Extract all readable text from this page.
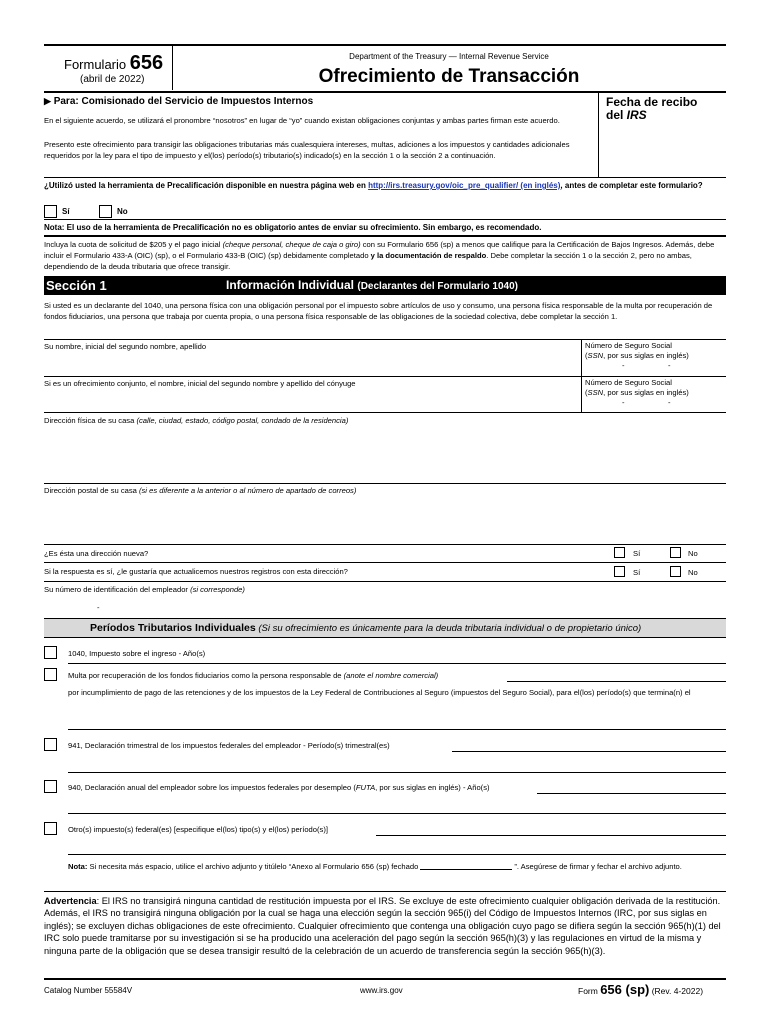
Formulario 656
(abril de 2022)
Department of the Treasury — Internal Revenue Service
Ofrecimiento de Transacción
▶ Para: Comisionado del Servicio de Impuestos Internos	Fecha de recibo
del IRS
En el siguiente acuerdo, se utilizará el pronombre “nosotros” en lugar de “yo” cuando existan obligaciones conjuntas y ambas partes firman este acuerdo.
Presento este ofrecimiento para transigir las obligaciones tributarias más cualesquiera intereses, multas, adiciones a los impuestos y cantidades adicionales requeridos por la ley para el tipo de impuesto y el(los) período(s) tributario(s) indicado(s) en la sección 1 o la sección 2 a continuación.
¿Utilizó usted la herramienta de Precalificación disponible en nuestra página web en http://irs.treasury.gov/oic_pre_qualifier/ (en inglés), antes de completar este formulario?
Sí	No
Nota: El uso de la herramienta de Precalificación no es obligatorio antes de enviar su ofrecimiento. Sin embargo, es recomendado.
Incluya la cuota de solicitud de $205 y el pago inicial (cheque personal, cheque de caja o giro) con su Formulario 656 (sp) a menos que califique para la Certificación de Bajos Ingresos. Además, debe incluir el Formulario 433-A (OIC) (sp), o el Formulario 433-B (OIC) (sp) debidamente completado y la documentación de respaldo. Debe completar la sección 1 o la sección 2, pero no ambas, dependiendo de la deuda tributaria que ofrece transigir.
Sección 1	Información Individual (Declarantes del Formulario 1040)
Si usted es un declarante del 1040, una persona física con una obligación personal por el impuesto sobre artículos de uso y consumo, una persona física responsable de la multa por recuperación de fondos fiduciarios, una persona que trabaja por cuenta propia, o una persona física responsable de las obligaciones de la sociedad colectiva, debe completar la sección 1.
Su nombre, inicial del segundo nombre, apellido	Número de Seguro Social
(SSN, por sus siglas en inglés)
-	-
Si es un ofrecimiento conjunto, el nombre, inicial del segundo nombre y apellido del cónyuge	Número de Seguro Social
(SSN, por sus siglas en inglés)
-	-
Dirección física de su casa (calle, ciudad, estado, código postal, condado de la residencia)
Dirección postal de su casa (si es diferente a la anterior o al número de apartado de correos)
¿Es ésta una dirección nueva?	Sí	No
Si la respuesta es sí, ¿le gustaría que actualicemos nuestros registros con esta dirección?	Sí	No
Su número de identificación del empleador (si corresponde)
-
Períodos Tributarios Individuales (Si su ofrecimiento es únicamente para la deuda tributaria individual o de propietario único)
1040, Impuesto sobre el ingreso - Año(s)
Multa por recuperación de los fondos fiduciarios como la persona responsable de (anote el nombre comercial)
por incumplimiento de pago de las retenciones y de los impuestos de la Ley Federal de Contribuciones al Seguro (impuestos del Seguro Social), para el(los) período(s) que termina(n) el
941, Declaración trimestral de los impuestos federales del empleador - Período(s) trimestral(es)
940, Declaración anual del empleador sobre los impuestos federales por desempleo (FUTA, por sus siglas en inglés) - Año(s)
Otro(s) impuesto(s) federal(es) [especifique el(los) tipo(s) y el(los) período(s)]
Nota: Si necesita más espacio, utilice el archivo adjunto y titúlelo “Anexo al Formulario 656 (sp) fechado	”. Asegúrese de firmar y fechar el archivo adjunto.
Advertencia: El IRS no transigirá ninguna cantidad de restitución impuesta por el IRS. Se excluye de este ofrecimiento cualquier obligación derivada de la restitución. Además, el IRS no transigirá ninguna obligación por la cual se haga una elección según la sección 965(i) del Código de Impuestos Internos (IRC, por sus siglas en inglés); se excluyen dichas obligaciones de este ofrecimiento. Cualquier ofrecimiento que contenga una obligación cuyo pago se difiera según la sección 965(h)(1) del IRC solo puede tramitarse por su investigación si se ha producido una aceleración del pago según la sección 965(h)(3) y las regulaciones en virtud de la misma y ninguna parte de la obligación que se desea transigir resultó de la celebración de un acuerdo de transferencia según la sección 965(h)(3).
Catalog Number 55584V	www.irs.gov	Form 656 (sp) (Rev. 4-2022)
